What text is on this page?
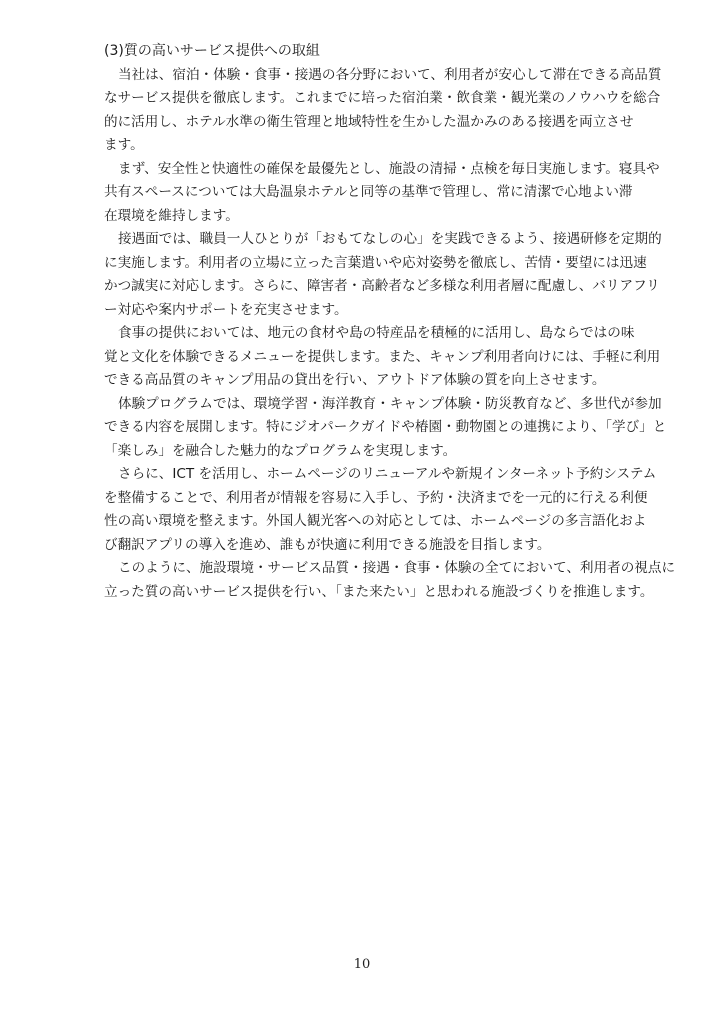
(3)質の高いサービス提供への取組

当社は、宿泊・体験・食事・接遇の各分野において、利用者が安心して滞在できる高品質
なサービス提供を徹底します。これまでに培った宿泊業・飲食業・観光業のノウハウを総合
的に活用し、ホテル水準の衛生管理と地域特性を生かした温かみのある接遇を両立させ
ます。

まず、安全性と快適性の確保を最優先とし、施設の清掃・点検を毎日実施します。寝具や
共有スペースについては大島温泉ホテルと同等の基準で管理し、常に清潔で心地よい滞
在環境を維持します。

接遇面では、職員一人ひとりが「おもてなしの心」を実践できるよう、接遇研修を定期的
に実施します。利用者の立場に立った言葉遣いや応対姿勢を徹底し、苦情・要望には迅速
かつ誠実に対応します。さらに、障害者・高齢者など多様な利用者層に配慮し、バリアフリ
ー対応や案内サポートを充実させます。

食事の提供においては、地元の食材や島の特産品を積極的に活用し、島ならではの味
覚と文化を体験できるメニューを提供します。また、キャンプ利用者向けには、手軽に利用
できる高品質のキャンプ用品の貸出を行い、アウトドア体験の質を向上させます。

体験プログラムでは、環境学習・海洋教育・キャンプ体験・防災教育など、多世代が参加
できる内容を展開します。特にジオパークガイドや椿園・動物園との連携により、「学び」と
「楽しみ」を融合した魅力的なプログラムを実現します。

さらに、ICT を活用し、ホームページのリニューアルや新規インターネット予約システム
を整備することで、利用者が情報を容易に入手し、予約・決済までを一元的に行える利便
性の高い環境を整えます。外国人観光客への対応としては、ホームページの多言語化およ
び翻訳アプリの導入を進め、誰もが快適に利用できる施設を目指します。

このように、施設環境・サービス品質・接遇・食事・体験の全てにおいて、利用者の視点に
立った質の高いサービス提供を行い、「また来たい」と思われる施設づくりを推進します。

10
